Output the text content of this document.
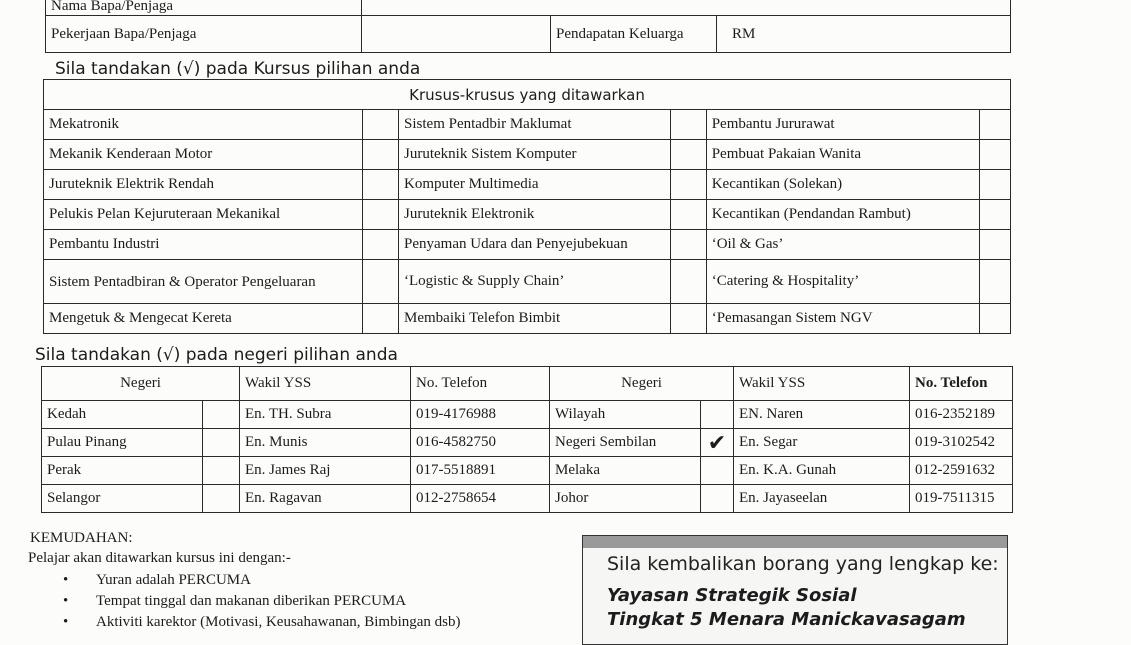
Nama Bapa/Penjaga			
Pekerjaan Bapa/Penjaga		Pendapatan Keluarga	RM
Sila tandakan (√) pada Kursus pilihan anda
Krusus-krusus yang ditawarkan					
Mekatronik		Sistem Pentadbir Maklumat		Pembantu Jururawat	
Mekanik Kenderaan Motor		Juruteknik Sistem Komputer		Pembuat Pakaian Wanita	
Juruteknik Elektrik Rendah		Komputer Multimedia		Kecantikan (Solekan)	
Pelukis Pelan Kejuruteraan Mekanikal		Juruteknik Elektronik		Kecantikan (Pendandan Rambut)	
Pembantu Industri		Penyaman Udara dan Penyejubekuan		‘Oil & Gas’	
Sistem Pentadbiran & Operator Pengeluaran		‘Logistic & Supply Chain’		‘Catering & Hospitality’	
Mengetuk & Mengecat Kereta		Membaiki Telefon Bimbit		‘Pemasangan Sistem NGV	
Sila tandakan (√) pada negeri pilihan anda
Negeri		Wakil YSS	No. Telefon	Negeri		Wakil YSS	No. Telefon
Kedah		En. TH. Subra	019-4176988	Wilayah		EN. Naren	016-2352189
Pulau Pinang		En. Munis	016-4582750	Negeri Sembilan	✔	En. Segar	019-3102542
Perak		En. James Raj	017-5518891	Melaka		En. K.A. Gunah	012-2591632
Selangor		En. Ragavan	012-2758654	Johor		En. Jayaseelan	019-7511315
KEMUDAHAN:
Pelajar akan ditawarkan kursus ini dengan:-
• Yuran adalah PERCUMA
• Tempat tinggal dan makanan diberikan PERCUMA
• Aktiviti karektor (Motivasi, Keusahawanan, Bimbingan dsb)
Sila kembalikan borang yang lengkap ke:
Yayasan Strategik Sosial
Tingkat 5 Menara Manickavasagam
